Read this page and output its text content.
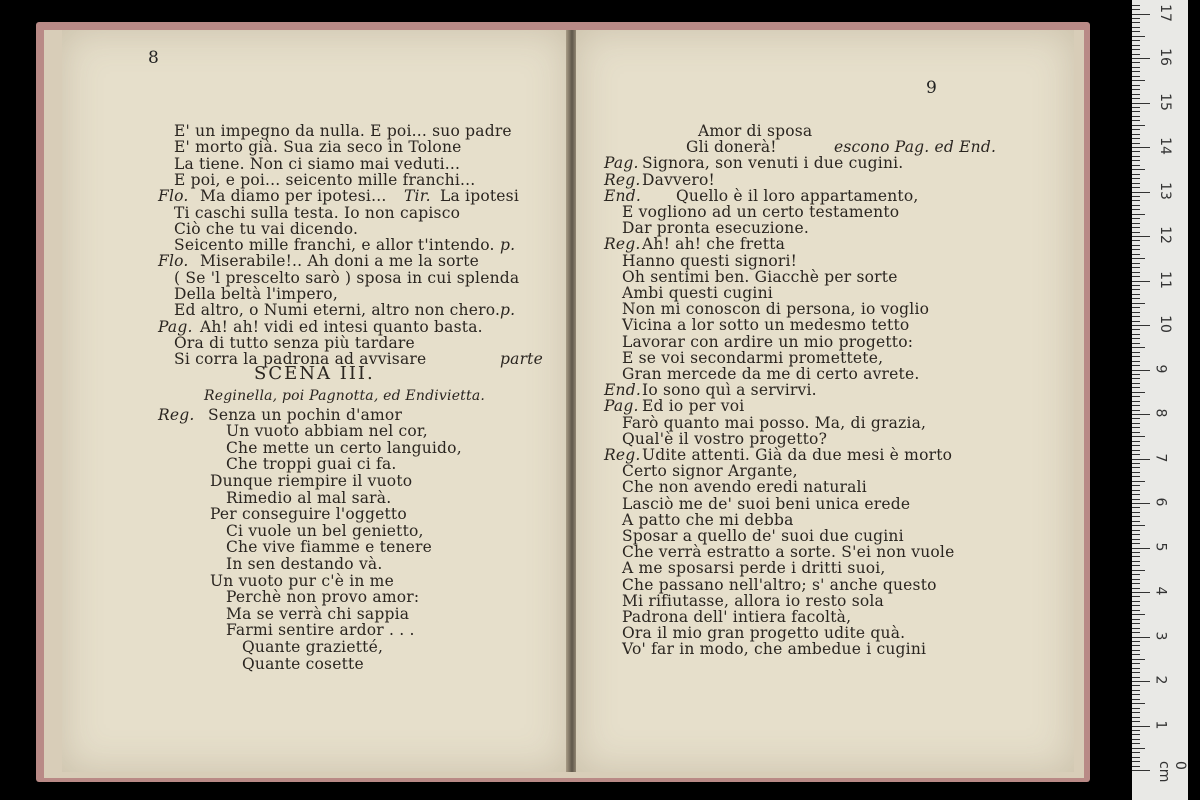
E' un impegno da nulla. E poi... suo padre
E' morto già. Sua zia seco in Tolone
La tiene. Non ci siamo mai veduti...
E poi, e poi... seicento mille franchi...
Flo. Ma diamo per ipotesi... Tir. La ipotesi
Ti caschi sulla testa. Io non capisco
Ciò che tu vai dicendo.
Seicento mille franchi, e allor t'intendo. p.
Flo. Miserabile!.. Ah doni a me la sorte
( Se 'l prescelto sarò ) sposa in cui splenda
Della beltà l'impero,
Ed altro, o Numi eterni, altro non chero. p.
Pag. Ah! ah! vidi ed intesi quanto basta.
Ora di tutto senza più tardare
Si corra la padrona ad avvisare	parte
SCENA III.
Reginella, poi Pagnotta, ed Endivietta.
Reg. Senza un pochin d'amor
Un vuoto abbiam nel cor,
Che mette un certo languido,
Che troppi guai ci fa.
Dunque riempire il vuoto
Rimedio al mal sarà.
Per conseguire l'oggetto
Ci vuole un bel genietto,
Che vive fiamme e tenere
In sen destando và.
Un vuoto pur c'è in me
Perchè non provo amor:
Ma se verrà chi sappia
Farmi sentire ardor . . .
Quante grazietté,
Quante cosette
Amor di sposa
Gli donerà!	escono Pag. ed End.
Pag. Signora, son venuti i due cugini.
Reg. Davvero!
End. Quello è il loro appartamento,
E vogliono ad un certo testamento
Dar pronta esecuzione.
Reg. Ah! ah! che fretta
Hanno questi signori!
Oh sentimi ben. Giacchè per sorte
Ambi questi cugini
Non mi conoscon di persona, io voglio
Vicina a lor sotto un medesmo tetto
Lavorar con ardire un mio progetto:
E se voi secondarmi promettete,
Gran mercede da me di certo avrete.
End. Io sono quì a servirvi.
Pag. Ed io per voi
Farò quanto mai posso. Ma, di grazia,
Qual'è il vostro progetto?
Reg. Udite attenti. Già da due mesi è morto
Certo signor Argante,
Che non avendo eredi naturali
Lasciò me de' suoi beni unica erede
A patto che mi debba
Sposar a quello de' suoi due cugini
Che verrà estratto a sorte. S'ei non vuole
A me sposarsi perde i dritti suoi,
Che passano nell'altro; s' anche questo
Mi rifiutasse, allora io resto sola
Padrona dell' intiera facoltà,
Ora il mio gran progetto udite quà.
Vo' far in modo, che ambedue i cugini
8
9
0 cm
1
2
3
4
5
6
7
8
9
10
11
12
13
14
15
16
17
